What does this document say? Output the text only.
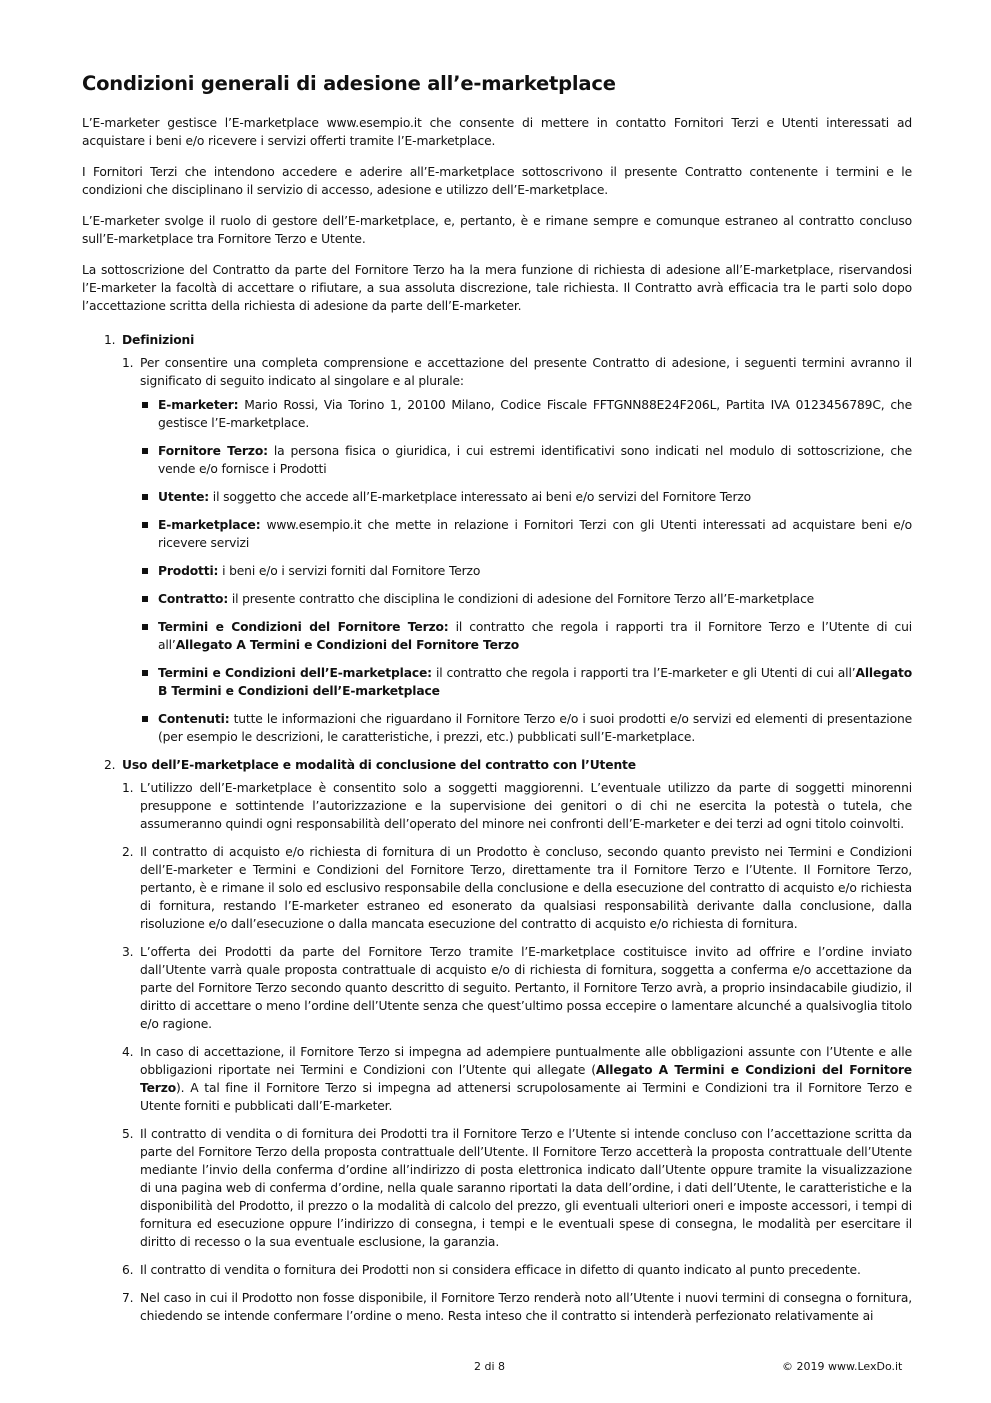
Condizioni generali di adesione all’e-marketplace

L’E-marketer gestisce l’E-marketplace www.esempio.it che consente di mettere in contatto Fornitori Terzi e Utenti interessati ad acquistare i beni e/o ricevere i servizi offerti tramite l’E-marketplace.

I Fornitori Terzi che intendono accedere e aderire all’E-marketplace sottoscrivono il presente Contratto contenente i termini e le condizioni che disciplinano il servizio di accesso, adesione e utilizzo dell’E-marketplace.

L’E-marketer svolge il ruolo di gestore dell’E-marketplace, e, pertanto, è e rimane sempre e comunque estraneo al contratto concluso sull’E-marketplace tra Fornitore Terzo e Utente.

La sottoscrizione del Contratto da parte del Fornitore Terzo ha la mera funzione di richiesta di adesione all’E-marketplace, riservandosi l’E-marketer la facoltà di accettare o rifiutare, a sua assoluta discrezione, tale richiesta. Il Contratto avrà efficacia tra le parti solo dopo l’accettazione scritta della richiesta di adesione da parte dell’E-marketer.

1. Definizioni
1. Per consentire una completa comprensione e accettazione del presente Contratto di adesione, i seguenti termini avranno il significato di seguito indicato al singolare e al plurale:
E-marketer: Mario Rossi, Via Torino 1, 20100 Milano, Codice Fiscale FFTGNN88E24F206L, Partita IVA 0123456789C, che gestisce l’E-marketplace.
Fornitore Terzo: la persona fisica o giuridica, i cui estremi identificativi sono indicati nel modulo di sottoscrizione, che vende e/o fornisce i Prodotti
Utente: il soggetto che accede all’E-marketplace interessato ai beni e/o servizi del Fornitore Terzo
E-marketplace: www.esempio.it che mette in relazione i Fornitori Terzi con gli Utenti interessati ad acquistare beni e/o ricevere servizi
Prodotti: i beni e/o i servizi forniti dal Fornitore Terzo
Contratto: il presente contratto che disciplina le condizioni di adesione del Fornitore Terzo all’E-marketplace
Termini e Condizioni del Fornitore Terzo: il contratto che regola i rapporti tra il Fornitore Terzo e l’Utente di cui all’Allegato A Termini e Condizioni del Fornitore Terzo
Termini e Condizioni dell’E-marketplace: il contratto che regola i rapporti tra l’E-marketer e gli Utenti di cui all’Allegato B Termini e Condizioni dell’E-marketplace
Contenuti: tutte le informazioni che riguardano il Fornitore Terzo e/o i suoi prodotti e/o servizi ed elementi di presentazione (per esempio le descrizioni, le caratteristiche, i prezzi, etc.) pubblicati sull’E-marketplace.
2. Uso dell’E-marketplace e modalità di conclusione del contratto con l’Utente
1. L’utilizzo dell’E-marketplace è consentito solo a soggetti maggiorenni. L’eventuale utilizzo da parte di soggetti minorenni presuppone e sottintende l’autorizzazione e la supervisione dei genitori o di chi ne esercita la potestà o tutela, che assumeranno quindi ogni responsabilità dell’operato del minore nei confronti dell’E-marketer e dei terzi ad ogni titolo coinvolti.
2. Il contratto di acquisto e/o richiesta di fornitura di un Prodotto è concluso, secondo quanto previsto nei Termini e Condizioni dell’E-marketer e Termini e Condizioni del Fornitore Terzo, direttamente tra il Fornitore Terzo e l’Utente. Il Fornitore Terzo, pertanto, è e rimane il solo ed esclusivo responsabile della conclusione e della esecuzione del contratto di acquisto e/o richiesta di fornitura, restando l’E-marketer estraneo ed esonerato da qualsiasi responsabilità derivante dalla conclusione, dalla risoluzione e/o dall’esecuzione o dalla mancata esecuzione del contratto di acquisto e/o richiesta di fornitura.
3. L’offerta dei Prodotti da parte del Fornitore Terzo tramite l’E-marketplace costituisce invito ad offrire e l’ordine inviato dall’Utente varrà quale proposta contrattuale di acquisto e/o di richiesta di fornitura, soggetta a conferma e/o accettazione da parte del Fornitore Terzo secondo quanto descritto di seguito. Pertanto, il Fornitore Terzo avrà, a proprio insindacabile giudizio, il diritto di accettare o meno l’ordine dell’Utente senza che quest’ultimo possa eccepire o lamentare alcunché a qualsivoglia titolo e/o ragione.
4. In caso di accettazione, il Fornitore Terzo si impegna ad adempiere puntualmente alle obbligazioni assunte con l’Utente e alle obbligazioni riportate nei Termini e Condizioni con l’Utente qui allegate (Allegato A Termini e Condizioni del Fornitore Terzo). A tal fine il Fornitore Terzo si impegna ad attenersi scrupolosamente ai Termini e Condizioni tra il Fornitore Terzo e Utente forniti e pubblicati dall’E-marketer.
5. Il contratto di vendita o di fornitura dei Prodotti tra il Fornitore Terzo e l’Utente si intende concluso con l’accettazione scritta da parte del Fornitore Terzo della proposta contrattuale dell’Utente. Il Fornitore Terzo accetterà la proposta contrattuale dell’Utente mediante l’invio della conferma d’ordine all’indirizzo di posta elettronica indicato dall’Utente oppure tramite la visualizzazione di una pagina web di conferma d’ordine, nella quale saranno riportati la data dell’ordine, i dati dell’Utente, le caratteristiche e la disponibilità del Prodotto, il prezzo o la modalità di calcolo del prezzo, gli eventuali ulteriori oneri e imposte accessori, i tempi di fornitura ed esecuzione oppure l’indirizzo di consegna, i tempi e le eventuali spese di consegna, le modalità per esercitare il diritto di recesso o la sua eventuale esclusione, la garanzia.
6. Il contratto di vendita o fornitura dei Prodotti non si considera efficace in difetto di quanto indicato al punto precedente.
7. Nel caso in cui il Prodotto non fosse disponibile, il Fornitore Terzo renderà noto all’Utente i nuovi termini di consegna o fornitura, chiedendo se intende confermare l’ordine o meno. Resta inteso che il contratto si intenderà perfezionato relativamente ai
2 di 8	© 2019 www.LexDo.it
